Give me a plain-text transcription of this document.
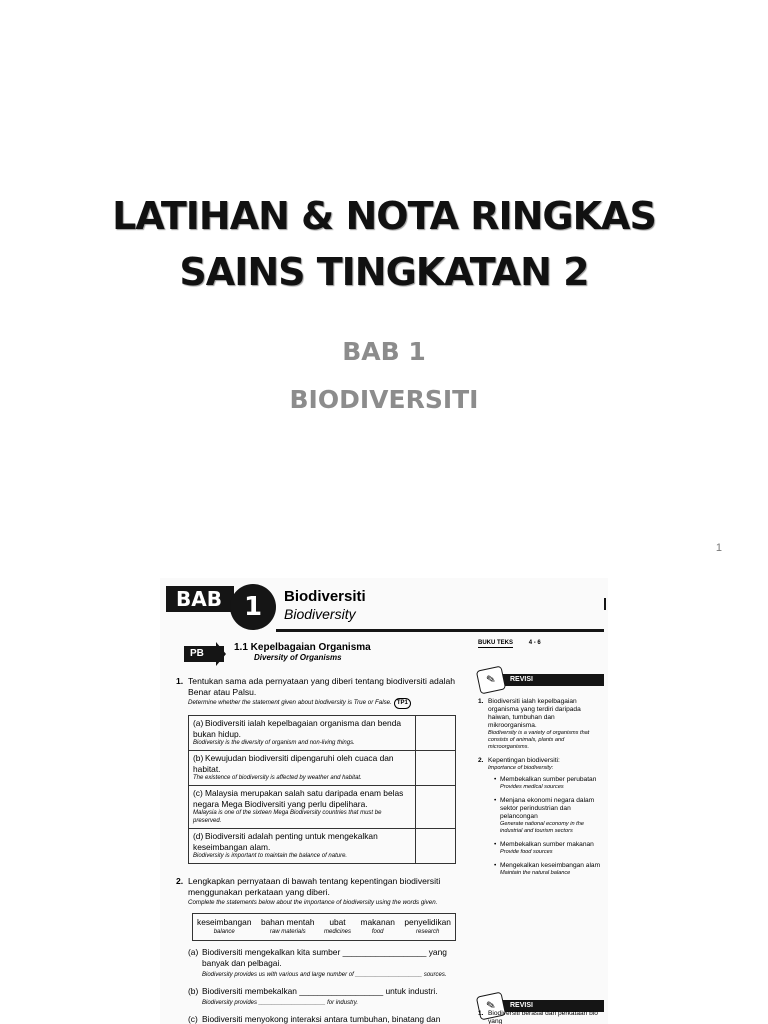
LATIHAN & NOTA RINGKAS
SAINS TINGKATAN 2
BAB 1
BIODIVERSITI
1
BAB 1	Biodiversiti
Biodiversity
PB
1.1 Kepelbagaian Organisma
Diversity of Organisms
1. Tentukan sama ada pernyataan yang diberi tentang biodiversiti adalah Benar atau Palsu.
Determine whether the statement given about biodiversity is True or False. TP1
(a) Biodiversiti ialah kepelbagaian organisma dan benda bukan hidup.
Biodiversity is the diversity of organism and non-living things.	

(b) Kewujudan biodiversiti dipengaruhi oleh cuaca dan habitat.
The existence of biodiversity is affected by weather and habitat.	

(c) Malaysia merupakan salah satu daripada enam belas negara Mega Biodiversiti yang perlu dipelihara.
Malaysia is one of the sixteen Mega Biodiversity countries that must be preserved.	

(d) Biodiversiti adalah penting untuk mengekalkan keseimbangan alam.
Biodiversity is important to maintain the balance of nature.	

2. Lengkapkan pernyataan di bawah tentang kepentingan biodiversiti menggunakan perkataan yang diberi.
Complete the statements below about the importance of biodiversity using the words given.
keseimbangan
balance
bahan mentah
raw materials
ubat
medicines
makanan
food
penyelidikan
research
(a) Biodiversiti mengekalkan kita sumber __________________ yang banyak dan pelbagai.
Biodiversity provides us with various and large number of ____________________ sources.
(b) Biodiversiti membekalkan __________________ untuk industri.
Biodiversity provides ____________________ for industry.
(c) Biodiversiti menyokong interaksi antara tumbuhan, binatang dan
BUKU TEKS	4 - 6
REVISI
✎
1. Biodiversiti ialah kepelbagaian organisma yang terdiri daripada haiwan, tumbuhan dan mikroorganisma.
Biodiversity is a variety of organisms that consists of animals, plants and microorganisms.
2. Kepentingan biodiversiti:
Importance of biodiversity:
• Membekalkan sumber perubatan
Provides medical sources
• Menjana ekonomi negara dalam sektor perindustrian dan pelancongan
Generate national economy in the industrial and tourism sectors
• Membekalkan sumber makanan
Provide food sources
• Mengekalkan keseimbangan alam
Maintain the natural balance
REVISI
✎
1. Biodiversiti berasal dari perkataan bio yang
